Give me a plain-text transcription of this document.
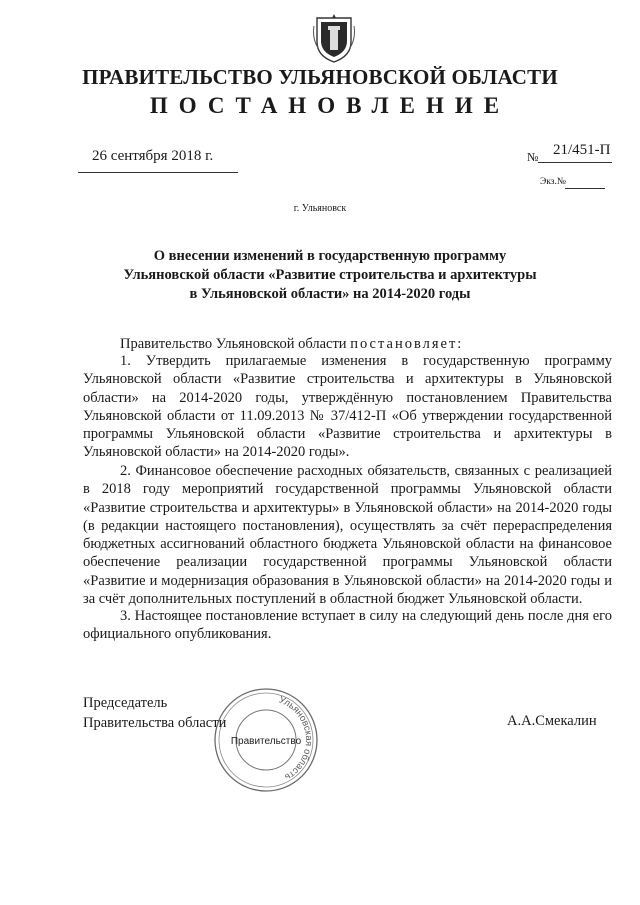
ПРАВИТЕЛЬСТВО УЛЬЯНОВСКОЙ ОБЛАСТИ
ПОСТАНОВЛЕНИЕ
26 сентября 2018 г.	№ 21/451-П
Экз.№
г. Ульяновск
О внесении изменений в государственную программу
Ульяновской области «Развитие строительства и архитектуры
в Ульяновской области» на 2014-2020 годы
Правительство Ульяновской области постановляет:
1. Утвердить прилагаемые изменения в государственную программу Ульяновской области «Развитие строительства и архитектуры в Ульяновской области» на 2014-2020 годы, утверждённую постановлением Правительства Ульяновской области от 11.09.2013 № 37/412-П «Об утверждении государственной программы Ульяновской области «Развитие строительства и архитектуры в Ульяновской области» на 2014-2020 годы».
2. Финансовое обеспечение расходных обязательств, связанных с реализацией в 2018 году мероприятий государственной программы Ульяновской области «Развитие строительства и архитектуры» в Ульяновской области» на 2014-2020 годы (в редакции настоящего постановления), осуществлять за счёт перераспределения бюджетных ассигнований областного бюджета Ульяновской области на финансовое обеспечение реализации государственной программы Ульяновской области «Развитие и модернизация образования в Ульяновской области» на 2014-2020 годы и за счёт дополнительных поступлений в областной бюджет Ульяновской области.
3. Настоящее постановление вступает в силу на следующий день после дня его официального опубликования.
Председатель
Правительства области	А.А.Смекалин
Ульяновская область
Правительство
